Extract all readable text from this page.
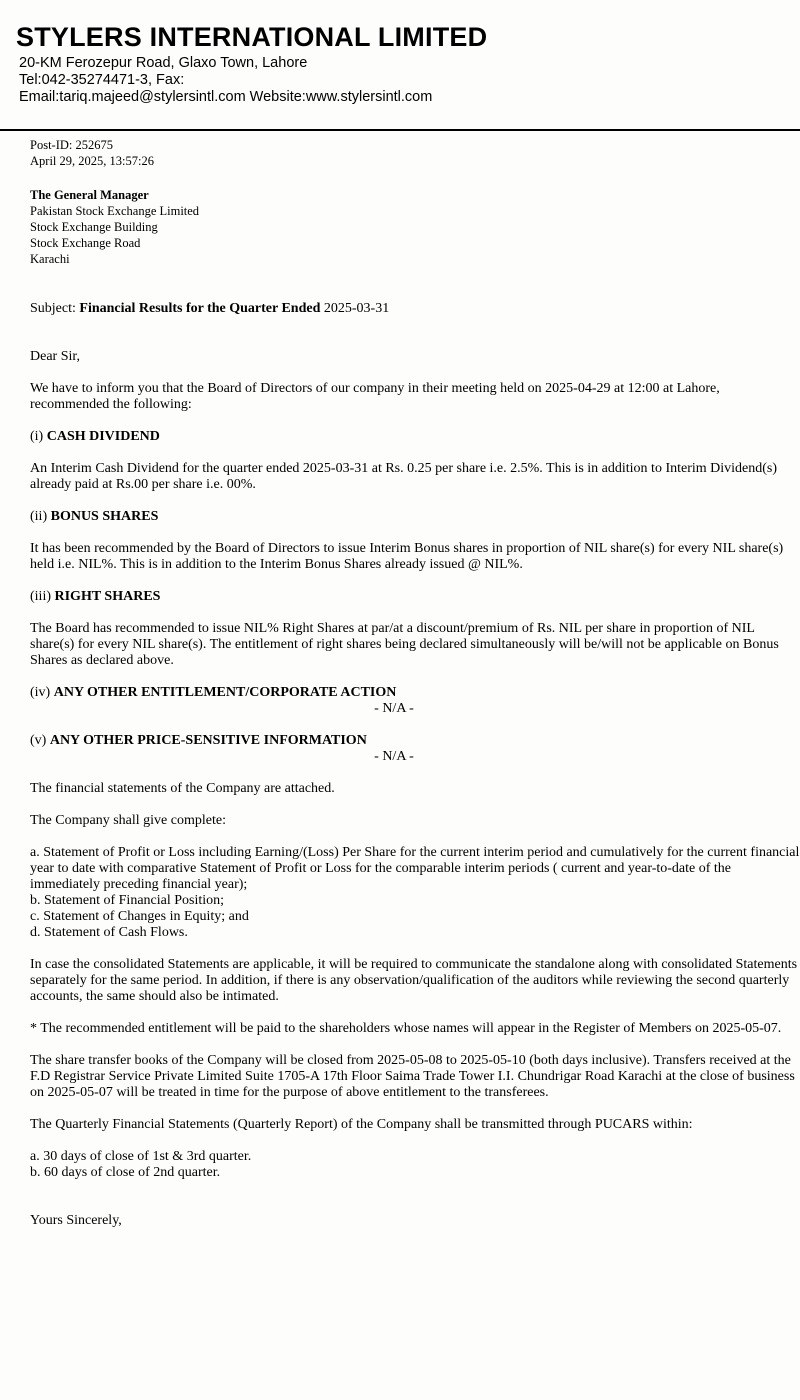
STYLERS INTERNATIONAL LIMITED

20-KM Ferozepur Road, Glaxo Town, Lahore

Tel:042-35274471-3, Fax:

Email:tariq.majeed@stylersintl.com Website:www.stylersintl.com

Post-ID: 252675

April 29, 2025, 13:57:26

The General Manager

Pakistan Stock Exchange Limited

Stock Exchange Building

Stock Exchange Road

Karachi

Subject: Financial Results for the Quarter Ended 2025-03-31

Dear Sir,

We have to inform you that the Board of Directors of our company in their meeting held on 2025-04-29 at 12:00 at Lahore, recommended the following:

(i) CASH DIVIDEND

An Interim Cash Dividend for the quarter ended 2025-03-31 at Rs. 0.25 per share i.e. 2.5%. This is in addition to Interim Dividend(s) already paid at Rs.00 per share i.e. 00%.

(ii) BONUS SHARES

It has been recommended by the Board of Directors to issue Interim Bonus shares in proportion of NIL share(s) for every NIL share(s) held i.e. NIL%. This is in addition to the Interim Bonus Shares already issued @ NIL%.

(iii) RIGHT SHARES

The Board has recommended to issue NIL% Right Shares at par/at a discount/premium of Rs. NIL per share in proportion of NIL share(s) for every NIL share(s). The entitlement of right shares being declared simultaneously will be/will not be applicable on Bonus Shares as declared above.

(iv) ANY OTHER ENTITLEMENT/CORPORATE ACTION

- N/A -

(v) ANY OTHER PRICE-SENSITIVE INFORMATION

- N/A -

The financial statements of the Company are attached.

The Company shall give complete:

a. Statement of Profit or Loss including Earning/(Loss) Per Share for the current interim period and cumulatively for the current financial year to date with comparative Statement of Profit or Loss for the comparable interim periods ( current and year-to-date of the immediately preceding financial year);

b. Statement of Financial Position;

c. Statement of Changes in Equity; and

d. Statement of Cash Flows.

In case the consolidated Statements are applicable, it will be required to communicate the standalone along with consolidated Statements separately for the same period. In addition, if there is any observation/qualification of the auditors while reviewing the second quarterly accounts, the same should also be intimated.

* The recommended entitlement will be paid to the shareholders whose names will appear in the Register of Members on 2025-05-07.

The share transfer books of the Company will be closed from 2025-05-08 to 2025-05-10 (both days inclusive). Transfers received at the F.D Registrar Service Private Limited Suite 1705-A 17th Floor Saima Trade Tower I.I. Chundrigar Road Karachi at the close of business on 2025-05-07 will be treated in time for the purpose of above entitlement to the transferees.

The Quarterly Financial Statements (Quarterly Report) of the Company shall be transmitted through PUCARS within:

a. 30 days of close of 1st & 3rd quarter.

b. 60 days of close of 2nd quarter.

Yours Sincerely,
